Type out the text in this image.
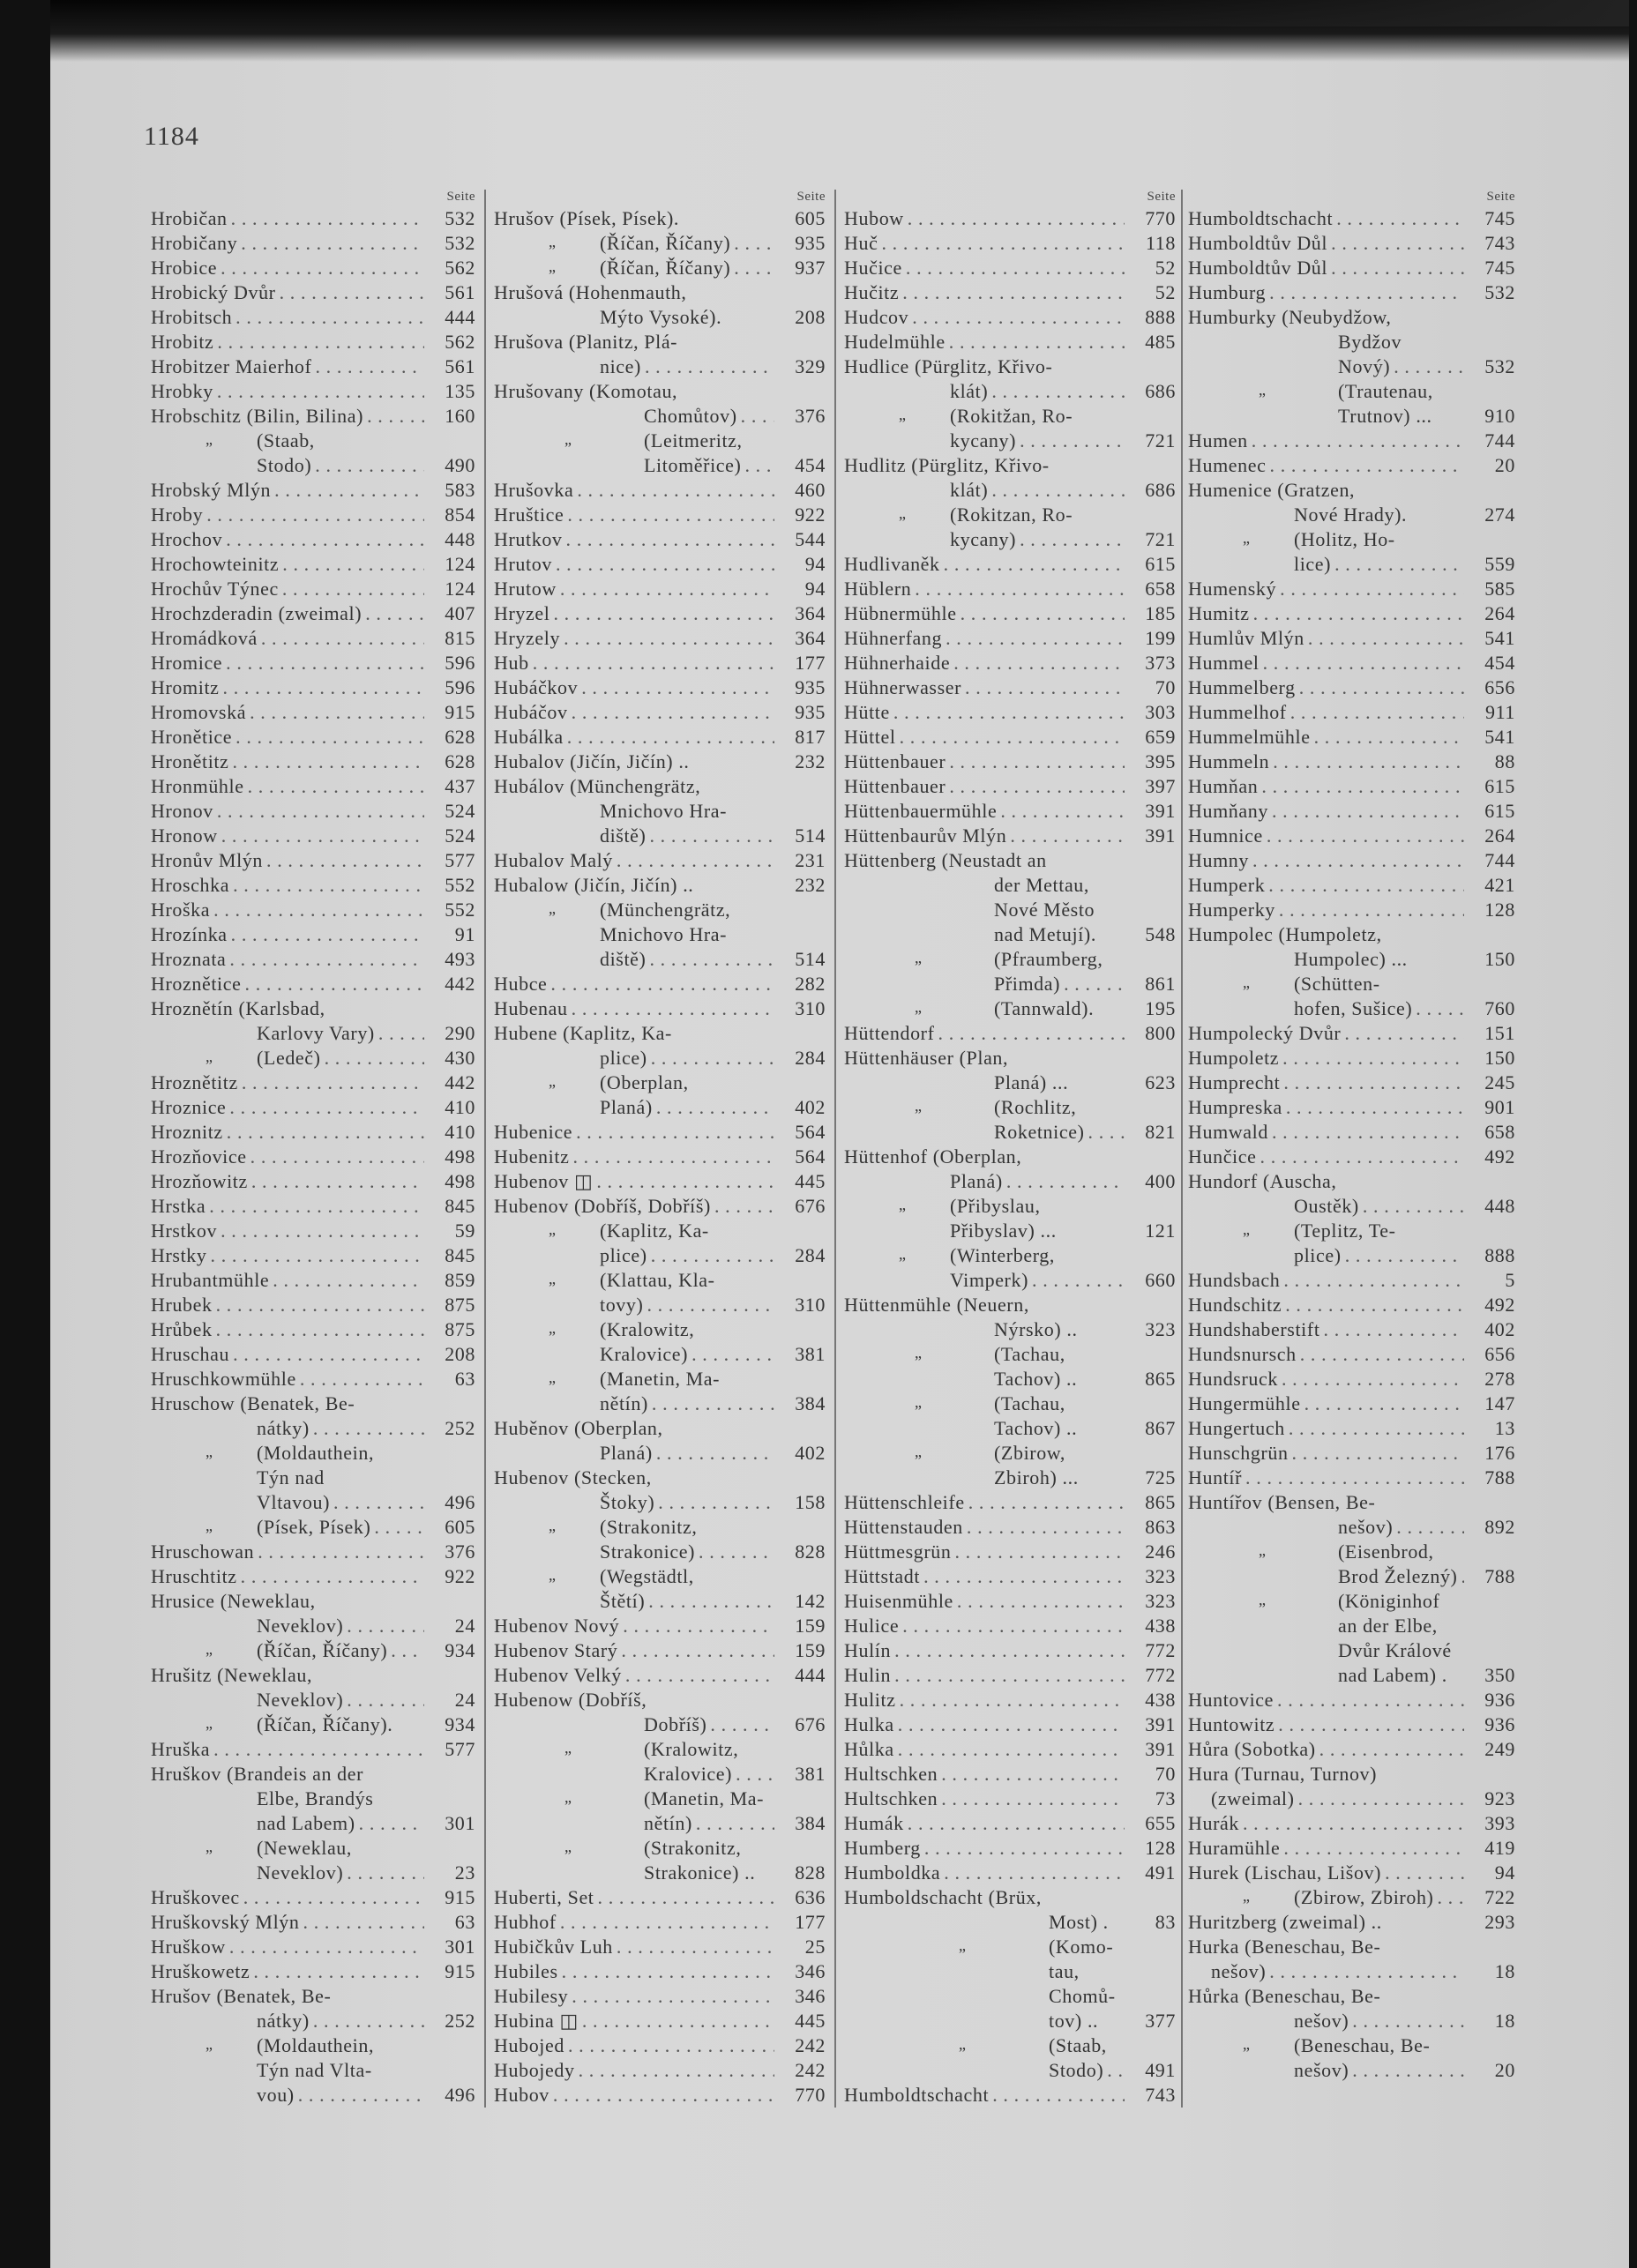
1184
Seite
Hrobičan . . .	532
Hrobičany . . .	532
Hrobice . . .	562
Hrobický Dvůr . . .	561
Hrobitsch . . .	444
Hrobitz . . .	562
Hrobitzer Maierhof . . .	561
Hrobky . . .	135
Hrobschitz (Bilin, Bilina) . . .	160
„ (Staab,
Stodo) . . .	490
Hrobský Mlýn . . .	583
Hroby . . .	854
Hrochov . . .	448
Hrochowteinitz . . .	124
Hrochův Týnec . . .	124
Hrochzderadin (zweimal) . . .	407
Hromádková . . .	815
Hromice . . .	596
Hromitz . . .	596
Hromovská . . .	915
Hronětice . . .	628
Hronětitz . . .	628
Hronmühle . . .	437
Hronov . . .	524
Hronow . . .	524
Hronův Mlýn . . .	577
Hroschka . . .	552
Hroška . . .	552
Hrozínka . . .	91
Hroznata . . .	493
Hroznětice . . .	442
Hroznětín (Karlsbad,
Karlovy Vary) . . .	290
„ (Ledeč) . . .	430
Hroznětitz . . .	442
Hroznice . . .	410
Hroznitz . . .	410
Hrozňovice . . .	498
Hrozňowitz . . .	498
Hrstka . . .	845
Hrstkov . . .	59
Hrstky . . .	845
Hrubantmühle . . .	859
Hrubek . . .	875
Hrůbek . . .	875
Hruschau . . .	208
Hruschkowmühle . . .	63
Hruschow (Benatek, Be-
nátky) . . .	252
„ (Moldauthein,
Týn nad
Vltavou) . . .	496
„ (Písek, Písek) . . .	605
Hruschowan . . .	376
Hruschtitz . . .	922
Hrusice (Neweklau,
Neveklov) . . .	24
„ (Říčan, Říčany) . . .	934
Hrušitz (Neweklau,
Neveklov) . . .	24
„ (Říčan, Říčany).	934
Hruška . . .	577
Hruškov (Brandeis an der
Elbe, Brandýs
nad Labem) . . .	301
„ (Neweklau,
Neveklov) . . .	23
Hruškovec . . .	915
Hruškovský Mlýn . . .	63
Hruškow . . .	301
Hruškowetz . . .	915
Hrušov (Benatek, Be-
nátky) . . .	252
„ (Moldauthein,
Týn nad Vlta-
vou) . . .	496
Seite
Hrušov (Písek, Písek).	605
„ (Říčan, Říčany) . . .	935
„ (Říčan, Říčany) . . .	937
Hrušová (Hohenmauth,
Mýto Vysoké).	208
Hrušova (Planitz, Plá-
nice) . . .	329
Hrušovany (Komotau,
Chomůtov) . . .	376
„	(Leitmeritz,
Litoměřice) . . .	454
Hrušovka . . .	460
Hruštice . . .	922
Hrutkov . . .	544
Hrutov . . .	94
Hrutow . . .	94
Hryzel . . .	364
Hryzely . . .	364
Hub . . .	177
Hubáčkov . . .	935
Hubáčov . . .	935
Hubálka . . .	817
Hubalov (Jičín, Jičín) ..	232
Hubálov (Münchengrätz,
Mnichovo Hra-
diště) . . .	514
Hubalov Malý . . .	231
Hubalow (Jičín, Jičín) ..	232
„ (Münchengrätz,
Mnichovo Hra-
diště) . . .	514
Hubce . . .	282
Hubenau . . .	310
Hubene (Kaplitz, Ka-
plice) . . .	284
„ (Oberplan,
Planá) . . .	402
Hubenice . . .	564
Hubenitz . . .	564
Hubenov ◫ . . .	445
Hubenov (Dobříš, Dobříš) . . .	676
„ (Kaplitz, Ka-
plice) . . .	284
„ (Klattau, Kla-
tovy) . . .	310
„ (Kralowitz,
Kralovice) . . .	381
„ (Manetin, Ma-
nětín) . . .	384
Huběnov (Oberplan,
Planá) . . .	402
Hubenov (Stecken,
Štoky) . . .	158
„ (Strakonitz,
Strakonice) . . .	828
„ (Wegstädtl,
Štětí) . . .	142
Hubenov Nový . . .	159
Hubenov Starý . . .	159
Hubenov Velký . . .	444
Hubenow (Dobříš,
Dobříš) . . .	676
„	(Kralowitz,
Kralovice) . . .	381
„	(Manetin, Ma-
nětín) . . .	384
„	(Strakonitz,
Strakonice) ..	828
Huberti, Set . . .	636
Hubhof . . .	177
Hubičkův Luh . . .	25
Hubiles . . .	346
Hubilesy . . .	346
Hubina ◫ . . .	445
Hubojed . . .	242
Hubojedy . . .	242
Hubov . . .	770
Seite
Hubow . . .	770
Huč . . .	118
Hučice . . .	52
Hučitz . . .	52
Hudcov . . .	888
Hudelmühle . . .	485
Hudlice (Pürglitz, Křivo-
klát) . . .	686
„ (Rokitžan, Ro-
kycany) . . .	721
Hudlitz (Pürglitz, Křivo-
klát) . . .	686
„ (Rokitzan, Ro-
kycany) . . .	721
Hudlivaněk . . .	615
Hüblern . . .	658
Hübnermühle . . .	185
Hühnerfang . . .	199
Hühnerhaide . . .	373
Hühnerwasser . . .	70
Hütte . . .	303
Hüttel . . .	659
Hüttenbauer . . .	395
Hüttenbauer . . .	397
Hüttenbauermühle . . .	391
Hüttenbaurův Mlýn . . .	391
Hüttenberg (Neustadt an
der Mettau,
Nové Město
nad Metují).	548
„	(Pfraumberg,
Přimda) . . .	861
„	(Tannwald).	195
Hüttendorf . . .	800
Hüttenhäuser (Plan,
Planá) ...	623
„	(Rochlitz,
Roketnice) . . .	821
Hüttenhof (Oberplan,
Planá) . . .	400
„ (Přibyslau,
Přibyslav) ...	121
„ (Winterberg,
Vimperk) . . .	660
Hüttenmühle (Neuern,
Nýrsko) ..	323
„	(Tachau,
Tachov) ..	865
„	(Tachau,
Tachov) ..	867
„	(Zbirow,
Zbiroh) ...	725
Hüttenschleife . . .	865
Hüttenstauden . . .	863
Hüttmesgrün . . .	246
Hüttstadt . . .	323
Huisenmühle . . .	323
Hulice . . .	438
Hulín . . .	772
Hulin . . .	772
Hulitz . . .	438
Hulka . . .	391
Hůlka . . .	391
Hultschken . . .	70
Hultschken . . .	73
Humák . . .	655
Humberg . . .	128
Humboldka . . .	491
Humboldschacht (Brüx,
Most) .	83
„	(Komo-
tau,
Chomů-
tov) ..	377
„	(Staab,
Stodo) . . .	491
Humboldtschacht . . .	743
Seite
Humboldtschacht . . .	745
Humboldtův Důl . . .	743
Humboldtův Důl . . .	745
Humburg . . .	532
Humburky (Neubydžow,
Bydžov
Nový) . . .	532
„	(Trautenau,
Trutnov) ...	910
Humen . . .	744
Humenec . . .	20
Humenice (Gratzen,
Nové Hrady).	274
„ (Holitz, Ho-
lice) . . .	559
Humenský . . .	585
Humitz . . .	264
Humlův Mlýn . . .	541
Hummel . . .	454
Hummelberg . . .	656
Hummelhof . . .	911
Hummelmühle . . .	541
Hummeln . . .	88
Humňan . . .	615
Humňany . . .	615
Humnice . . .	264
Humny . . .	744
Humperk . . .	421
Humperky . . .	128
Humpolec (Humpoletz,
Humpolec) ...	150
„ (Schütten-
hofen, Sušice) . . .	760
Humpolecký Dvůr . . .	151
Humpoletz . . .	150
Humprecht . . .	245
Humpreska . . .	901
Humwald . . .	658
Hunčice . . .	492
Hundorf (Auscha,
Oustěk) . . .	448
„ (Teplitz, Te-
plice) . . .	888
Hundsbach . . .	5
Hundschitz . . .	492
Hundshaberstift . . .	402
Hundsnursch . . .	656
Hundsruck . . .	278
Hungermühle . . .	147
Hungertuch . . .	13
Hunschgrün . . .	176
Huntíř . . .	788
Huntířov (Bensen, Be-
nešov) . . .	892
„	(Eisenbrod,
Brod Železný) . . .	788
„	(Königinhof
an der Elbe,
Dvůr Králové
nad Labem) .	350
Huntovice . . .	936
Huntowitz . . .	936
Hůra (Sobotka) . . .	249
Hura (Turnau, Turnov)
(zweimal) . . .	923
Hurák . . .	393
Huramühle . . .	419
Hurek (Lischau, Lišov) . . .	94
„ (Zbirow, Zbiroh) . . .	722
Huritzberg (zweimal) ..	293
Hurka (Beneschau, Be-
nešov) . . .	18
Hůrka (Beneschau, Be-
nešov) . . .	18
„ (Beneschau, Be-
nešov) . . .	20
